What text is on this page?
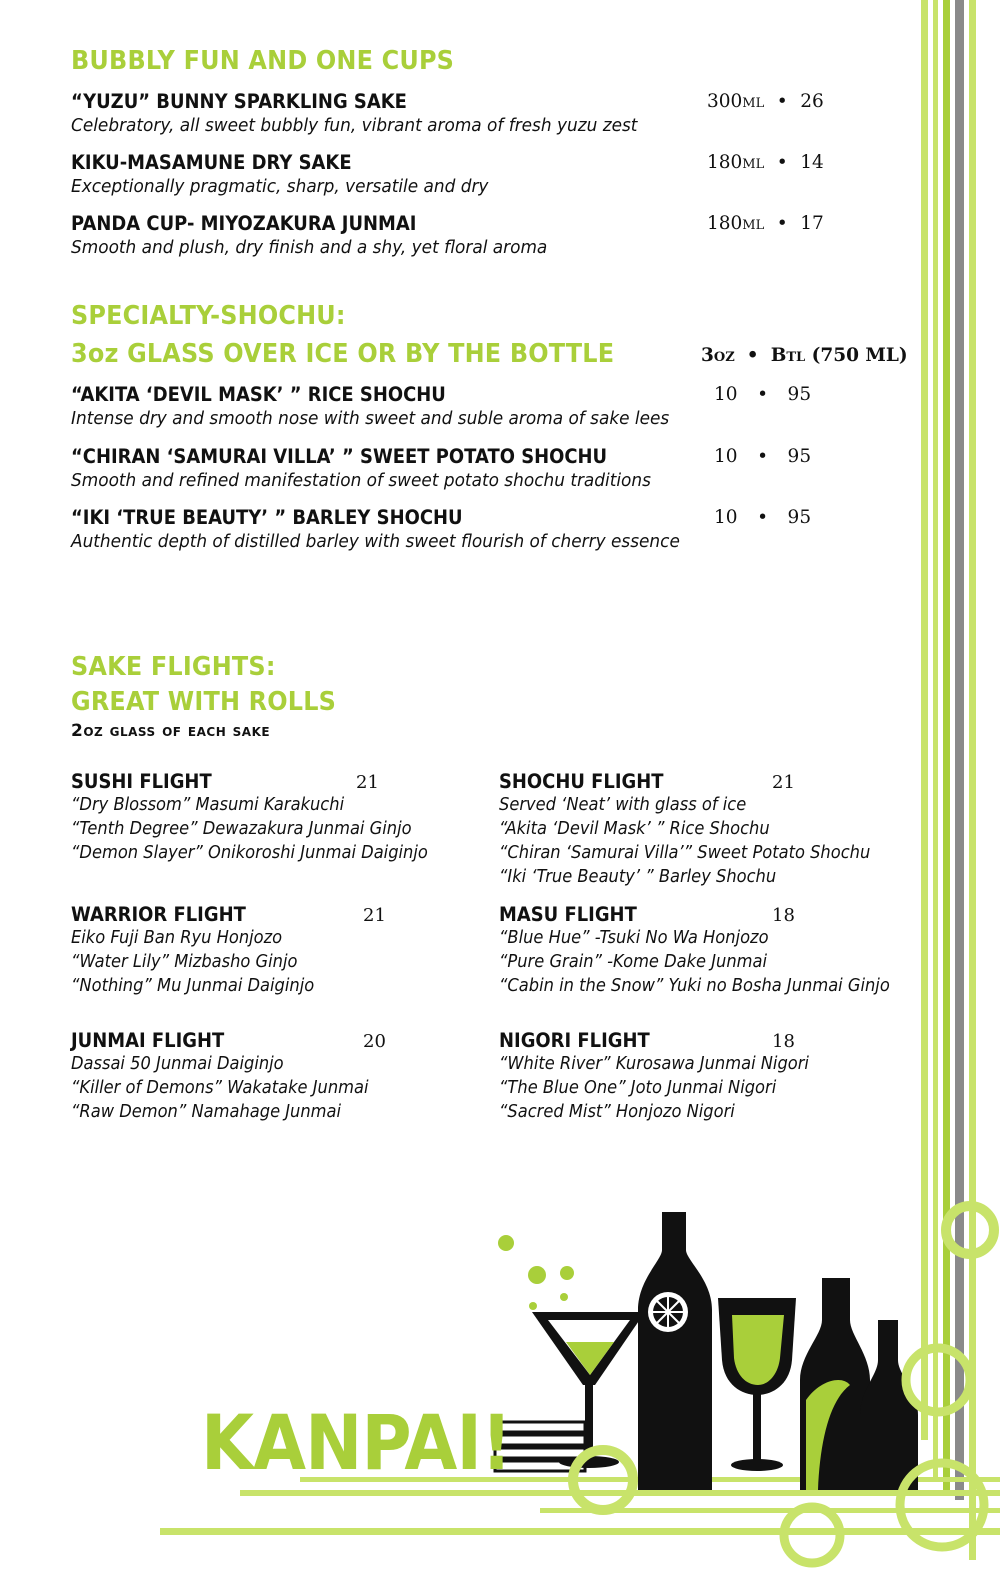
BUBBLY FUN AND ONE CUPS
“YUZU” BUNNY SPARKLING SAKE
Celebratory, all sweet bubbly fun, vibrant aroma of fresh yuzu zest
300ml • 26
KIKU-MASAMUNE DRY SAKE
Exceptionally pragmatic, sharp, versatile and dry
180ml • 14
PANDA CUP- MIYOZAKURA JUNMAI
Smooth and plush, dry finish and a shy, yet floral aroma
180ml • 17
SPECIALTY-SHOCHU:
3oz GLASS OVER ICE OR BY THE BOTTLE	3oz • Btl (750 ML)
“AKITA ‘DEVIL MASK’ ” RICE SHOCHU
Intense dry and smooth nose with sweet and suble aroma of sake lees
10 • 95
“CHIRAN ‘SAMURAI VILLA’ ” SWEET POTATO SHOCHU
Smooth and refined manifestation of sweet potato shochu traditions
10 • 95
“IKI ‘TRUE BEAUTY’ ” BARLEY SHOCHU
Authentic depth of distilled barley with sweet flourish of cherry essence
10 • 95
SAKE FLIGHTS:
GREAT WITH ROLLS
2oz glass of each sake
SUSHI FLIGHT	21
“Dry Blossom” Masumi Karakuchi
“Tenth Degree” Dewazakura Junmai Ginjo
“Demon Slayer” Onikoroshi Junmai Daiginjo
SHOCHU FLIGHT	21
Served ‘Neat’ with glass of ice
“Akita ‘Devil Mask’ ” Rice Shochu
“Chiran ‘Samurai Villa’” Sweet Potato Shochu
“Iki ‘True Beauty’ ” Barley Shochu
WARRIOR FLIGHT	21
Eiko Fuji Ban Ryu Honjozo
“Water Lily” Mizbasho Ginjo
“Nothing” Mu Junmai Daiginjo
MASU FLIGHT	18
“Blue Hue” -Tsuki No Wa Honjozo
“Pure Grain” -Kome Dake Junmai
“Cabin in the Snow” Yuki no Bosha Junmai Ginjo
JUNMAI FLIGHT	20
Dassai 50 Junmai Daiginjo
“Killer of Demons” Wakatake Junmai
“Raw Demon” Namahage Junmai
NIGORI FLIGHT	18
“White River” Kurosawa Junmai Nigori
“The Blue One” Joto Junmai Nigori
“Sacred Mist” Honjozo Nigori
KANPAI!
